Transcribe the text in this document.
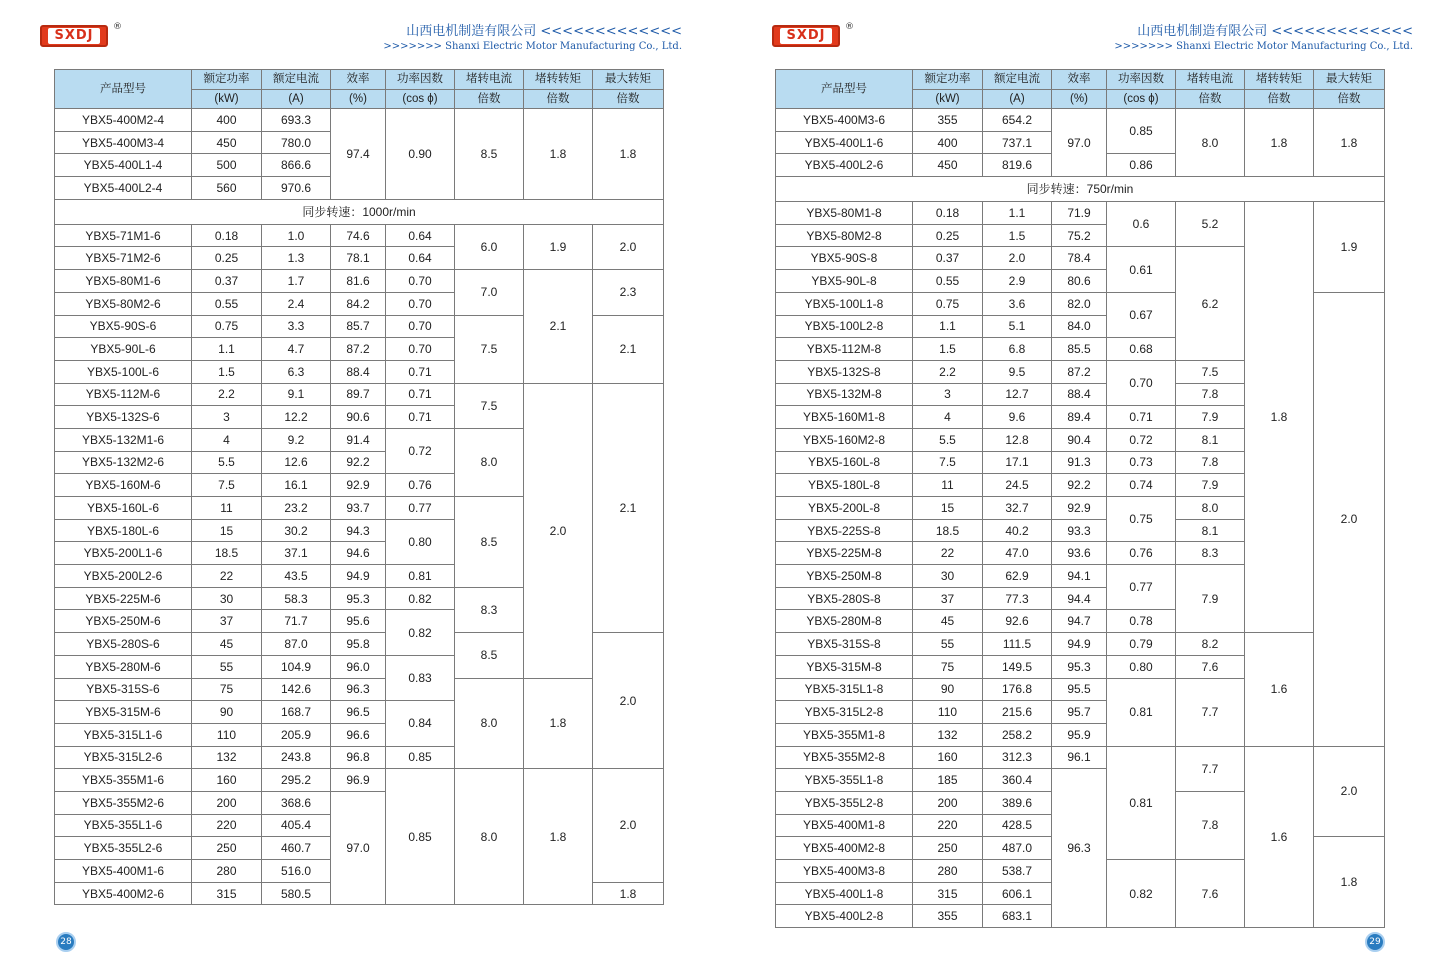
SXDJ
®	山西电机制造有限公司 <<<<<<<<<<<<<
>>>>>>> Shanxi Electric Motor Manufacturing Co., Ltd.
产品型号	额定功率	额定电流	效率	功率因数	堵转电流	堵转转矩	最大转矩
	(kW)	(A)	(%)	(cos ϕ)	倍数	倍数	倍数
YBX5-400M2-4	400	693.3	97.4	0.90	8.5	1.8	1.8
YBX5-400M3-4	450	780.0					
YBX5-400L1-4	500	866.6					
YBX5-400L2-4	560	970.6					
同步转速：1000r/min							
YBX5-71M1-6	0.18	1.0	74.6	0.64	6.0	1.9	2.0
YBX5-71M2-6	0.25	1.3	78.1	0.64			
YBX5-80M1-6	0.37	1.7	81.6	0.70	7.0	2.1	2.3
YBX5-80M2-6	0.55	2.4	84.2	0.70			
YBX5-90S-6	0.75	3.3	85.7	0.70	7.5		2.1
YBX5-90L-6	1.1	4.7	87.2	0.70			
YBX5-100L-6	1.5	6.3	88.4	0.71			
YBX5-112M-6	2.2	9.1	89.7	0.71	7.5	2.0	2.1
YBX5-132S-6	3	12.2	90.6	0.71			
YBX5-132M1-6	4	9.2	91.4	0.72	8.0		
YBX5-132M2-6	5.5	12.6	92.2				
YBX5-160M-6	7.5	16.1	92.9	0.76			
YBX5-160L-6	11	23.2	93.7	0.77	8.5		
YBX5-180L-6	15	30.2	94.3	0.80			
YBX5-200L1-6	18.5	37.1	94.6				
YBX5-200L2-6	22	43.5	94.9	0.81			
YBX5-225M-6	30	58.3	95.3	0.82	8.3		
YBX5-250M-6	37	71.7	95.6	0.82			
YBX5-280S-6	45	87.0	95.8		8.5		2.0
YBX5-280M-6	55	104.9	96.0	0.83			
YBX5-315S-6	75	142.6	96.3		8.0	1.8	
YBX5-315M-6	90	168.7	96.5	0.84			
YBX5-315L1-6	110	205.9	96.6				
YBX5-315L2-6	132	243.8	96.8	0.85			
YBX5-355M1-6	160	295.2	96.9	0.85	8.0	1.8	2.0
YBX5-355M2-6	200	368.6	97.0				
YBX5-355L1-6	220	405.4					
YBX5-355L2-6	250	460.7					
YBX5-400M1-6	280	516.0					
YBX5-400M2-6	315	580.5					1.8
28
SXDJ
®	山西电机制造有限公司 <<<<<<<<<<<<<
>>>>>>> Shanxi Electric Motor Manufacturing Co., Ltd.
产品型号	额定功率	额定电流	效率	功率因数	堵转电流	堵转转矩	最大转矩
	(kW)	(A)	(%)	(cos ϕ)	倍数	倍数	倍数
YBX5-400M3-6	355	654.2	97.0	0.85	8.0	1.8	1.8
YBX5-400L1-6	400	737.1					
YBX5-400L2-6	450	819.6		0.86			
同步转速：750r/min							
YBX5-80M1-8	0.18	1.1	71.9	0.6	5.2	1.8	1.9
YBX5-80M2-8	0.25	1.5	75.2				
YBX5-90S-8	0.37	2.0	78.4	0.61	6.2		
YBX5-90L-8	0.55	2.9	80.6				
YBX5-100L1-8	0.75	3.6	82.0	0.67			2.0
YBX5-100L2-8	1.1	5.1	84.0				
YBX5-112M-8	1.5	6.8	85.5	0.68			
YBX5-132S-8	2.2	9.5	87.2	0.70	7.5		
YBX5-132M-8	3	12.7	88.4		7.8		
YBX5-160M1-8	4	9.6	89.4	0.71	7.9		
YBX5-160M2-8	5.5	12.8	90.4	0.72	8.1		
YBX5-160L-8	7.5	17.1	91.3	0.73	7.8		
YBX5-180L-8	11	24.5	92.2	0.74	7.9		
YBX5-200L-8	15	32.7	92.9	0.75	8.0		
YBX5-225S-8	18.5	40.2	93.3		8.1		
YBX5-225M-8	22	47.0	93.6	0.76	8.3		
YBX5-250M-8	30	62.9	94.1	0.77	7.9		
YBX5-280S-8	37	77.3	94.4				
YBX5-280M-8	45	92.6	94.7	0.78			
YBX5-315S-8	55	111.5	94.9	0.79	8.2	1.6	
YBX5-315M-8	75	149.5	95.3	0.80	7.6		
YBX5-315L1-8	90	176.8	95.5	0.81	7.7		
YBX5-315L2-8	110	215.6	95.7				
YBX5-355M1-8	132	258.2	95.9				
YBX5-355M2-8	160	312.3	96.1	0.81	7.7	1.6	2.0
YBX5-355L1-8	185	360.4	96.3				
YBX5-355L2-8	200	389.6			7.8		
YBX5-400M1-8	220	428.5					
YBX5-400M2-8	250	487.0					1.8
YBX5-400M3-8	280	538.7		0.82	7.6		
YBX5-400L1-8	315	606.1					
YBX5-400L2-8	355	683.1					
29
